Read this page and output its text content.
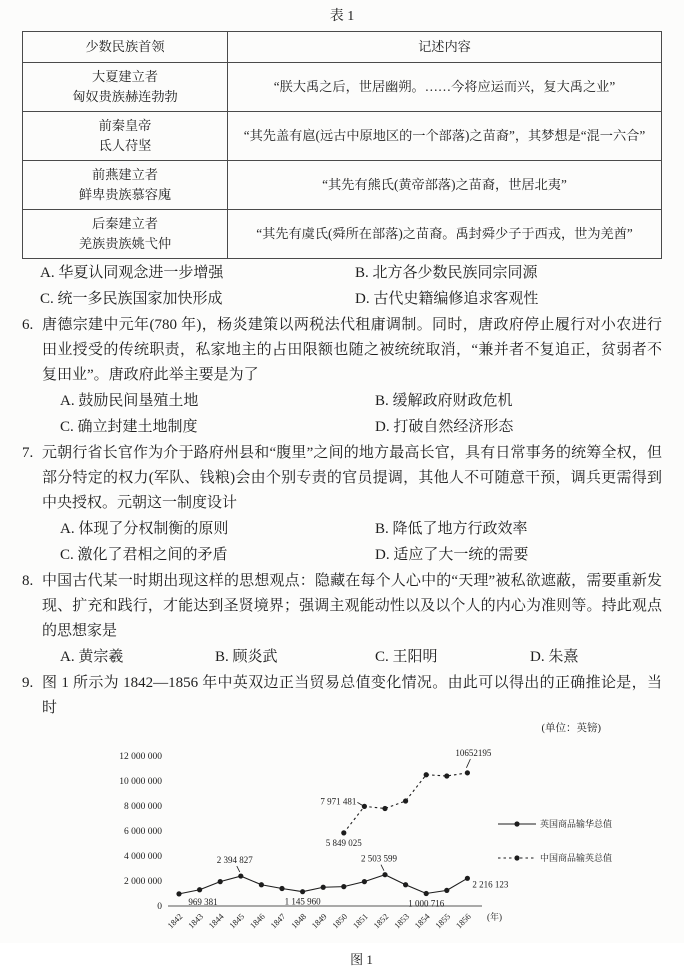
表 1
少数民族首领	记述内容

大夏建立者
匈奴贵族赫连勃勃	“朕大禹之后，世居幽朔。……今将应运而兴，复大禹之业”

前秦皇帝
氐人苻坚	“其先盖有扈(远古中原地区的一个部落)之苗裔”，其梦想是“混一六合”

前燕建立者
鲜卑贵族慕容廆	“其先有熊氏(黄帝部落)之苗裔，世居北夷”

后秦建立者
羌族贵族姚弋仲	“其先有虞氏(舜所在部落)之苗裔。禹封舜少子于西戎，世为羌酋”
A. 华夏认同观念进一步增强	B. 北方各少数民族同宗同源
C. 统一多民族国家加快形成	D. 古代史籍编修追求客观性
6. 唐德宗建中元年(780 年)，杨炎建策以两税法代租庸调制。同时，唐政府停止履行对小农进行田业授受的传统职责，私家地主的占田限额也随之被统统取消，“兼并者不复追正，贫弱者不复田业”。唐政府此举主要是为了
A. 鼓励民间垦殖土地	B. 缓解政府财政危机
C. 确立封建土地制度	D. 打破自然经济形态
7. 元朝行省长官作为介于路府州县和“腹里”之间的地方最高长官，具有日常事务的统筹全权，但部分特定的权力(军队、钱粮)会由个别专责的官员提调，其他人不可随意干预，调兵更需得到中央授权。元朝这一制度设计
A. 体现了分权制衡的原则	B. 降低了地方行政效率
C. 激化了君相之间的矛盾	D. 适应了大一统的需要
8. 中国古代某一时期出现这样的思想观点：隐藏在每个人心中的“天理”被私欲遮蔽，需要重新发现、扩充和践行，才能达到圣贤境界；强调主观能动性以及以个人的内心为准则等。持此观点的思想家是
A. 黄宗羲	B. 顾炎武	C. 王阳明	D. 朱熹
9. 图 1 所示为 1842—1856 年中英双边正当贸易总值变化情况。由此可以得出的正确推论是，当时
(单位：英镑)
12 000 000
10 000 000
8 000 000
6 000 000
4 000 000
2 000 000
0
1842 1843 1844 1845 1846 1847 1848 1849 1850 1851 1852 1853 1854 1855 1856 (年)
英国商品输华总值
中国商品输英总值
969 381
2 394 827
1 145 960
2 503 599
1 000 716
2 216 123
5 849 025
7 971 481
10652195
图 1
